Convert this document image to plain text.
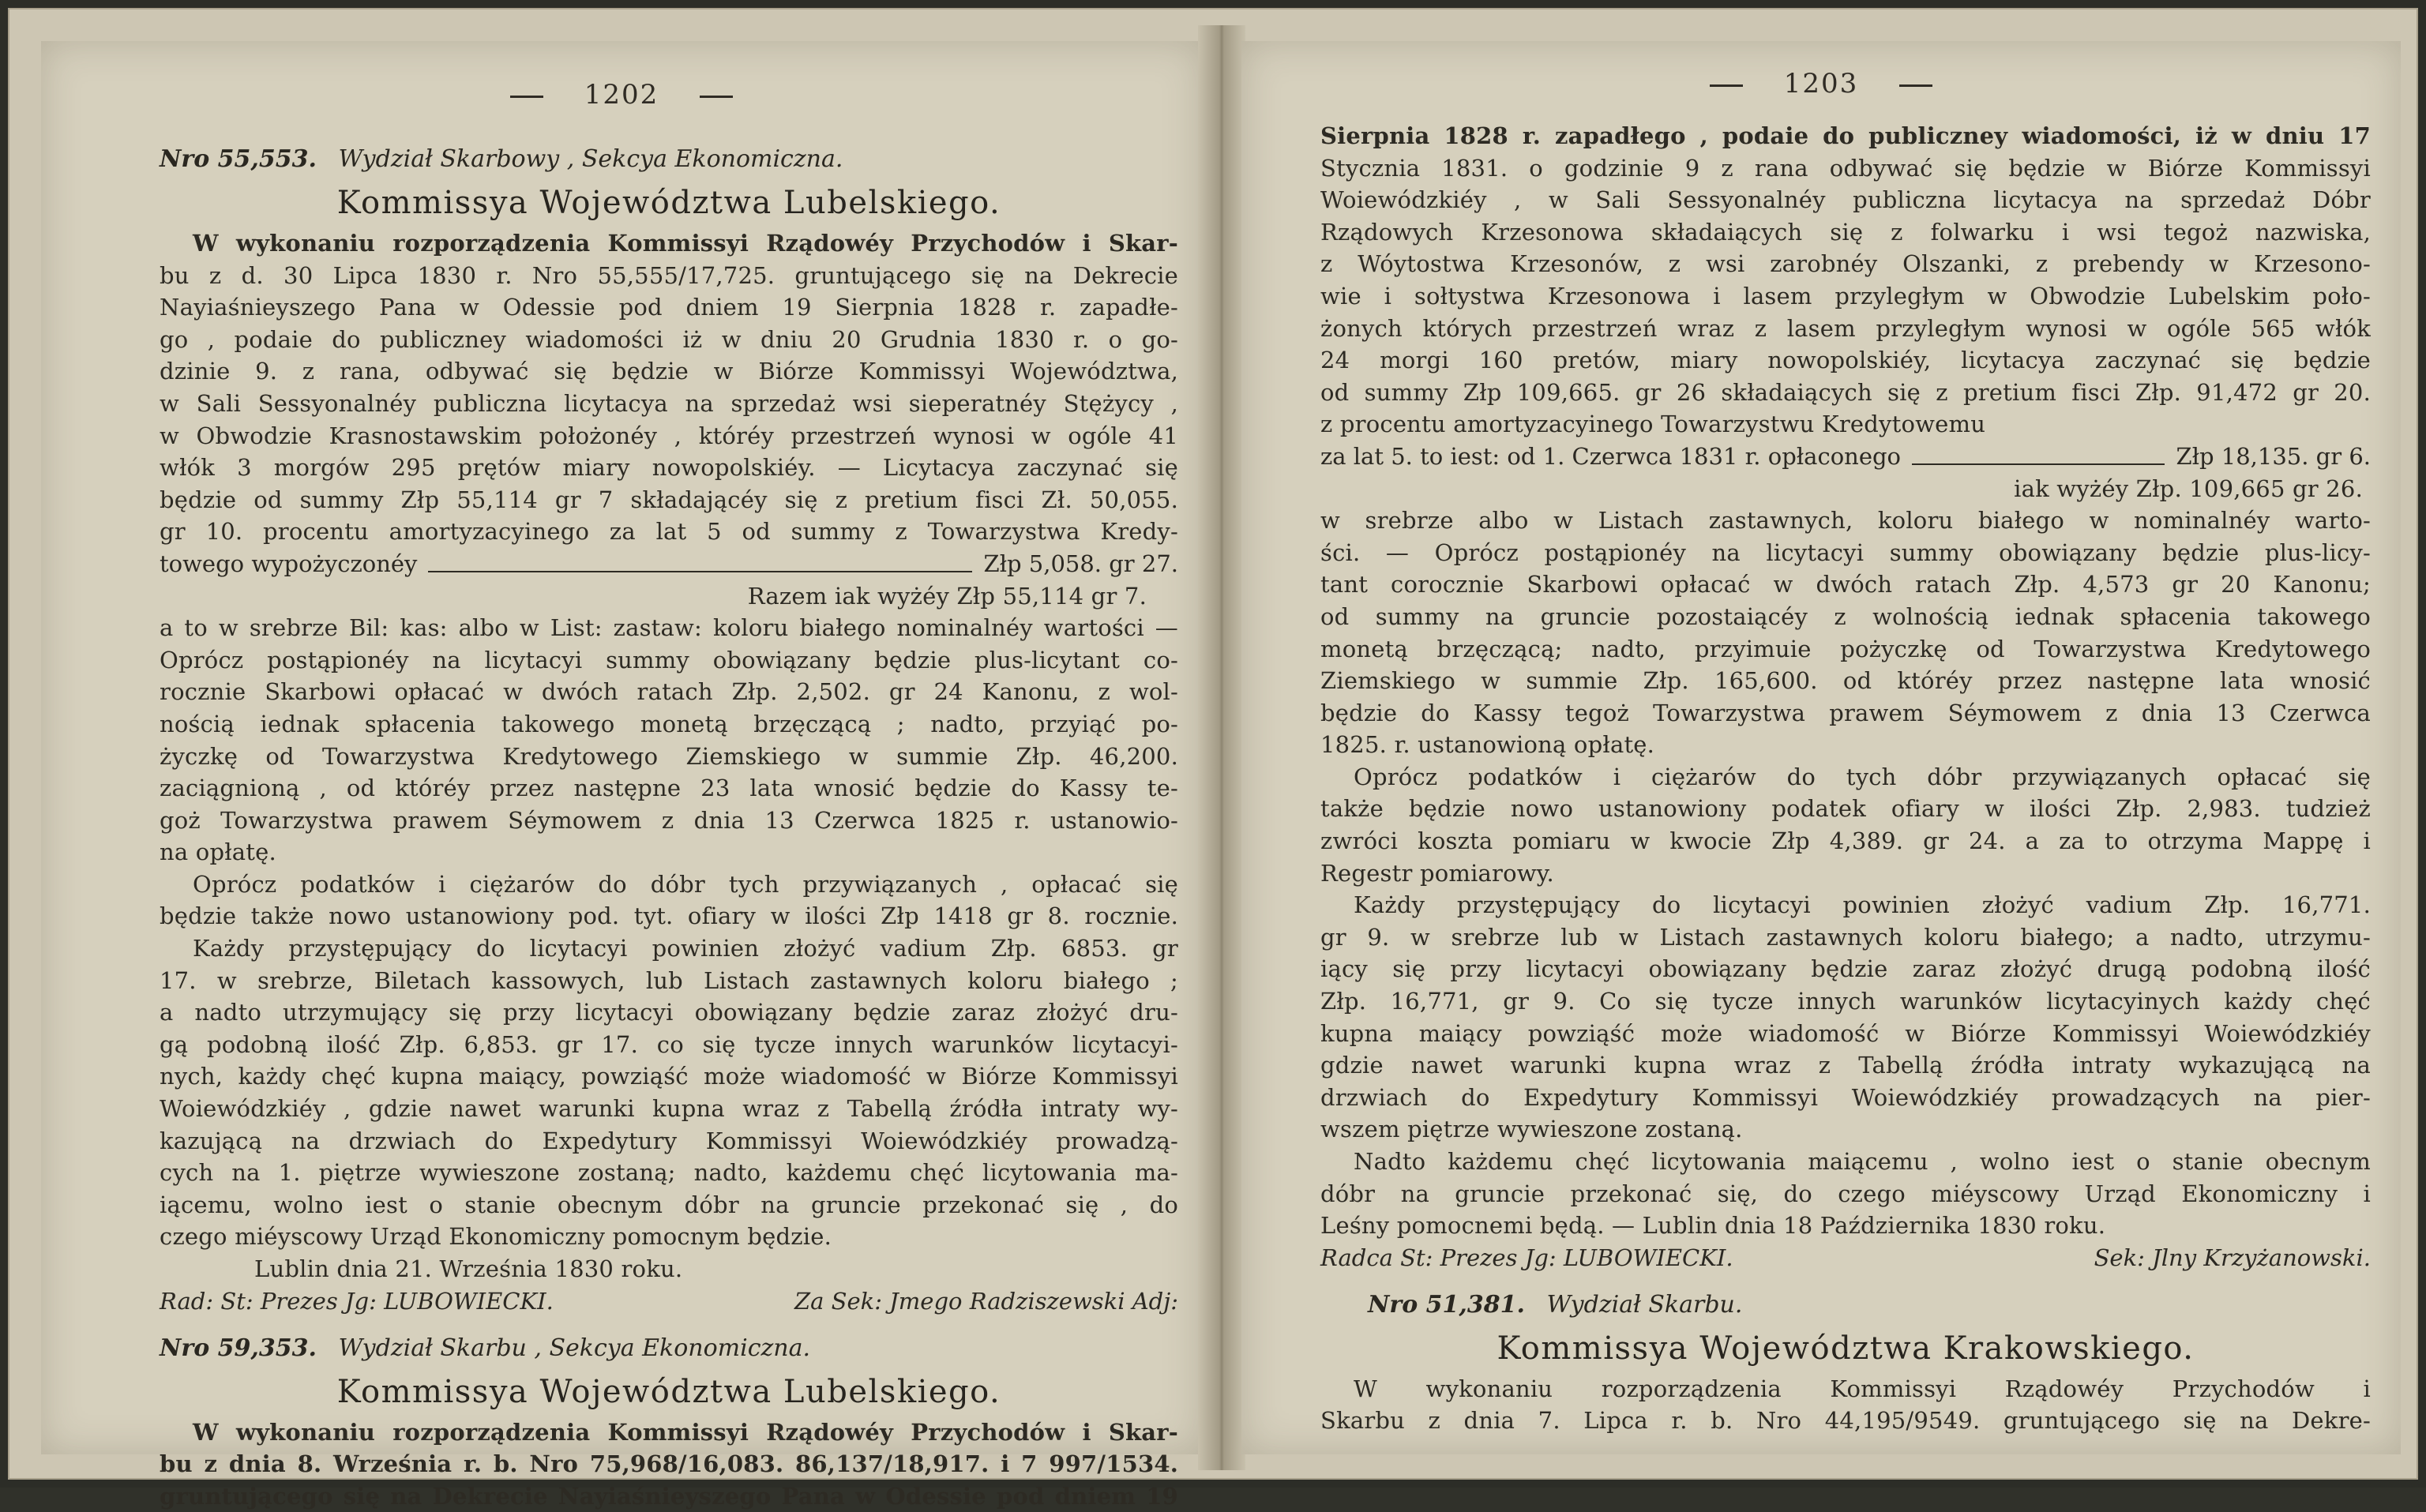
1202
Nro 55,553. Wydział Skarbowy , Sekcya Ekonomiczna.
Kommissya Województwa Lubelskiego.
W wykonaniu rozporządzenia Kommissyi Rządowéy Przychodów i Skar-
bu z d. 30 Lipca 1830 r. Nro 55,555/17,725. gruntującego się na Dekrecie
Nayiaśnieyszego Pana w Odessie pod dniem 19 Sierpnia 1828 r. zapadłe-
go , podaie do publiczney wiadomości iż w dniu 20 Grudnia 1830 r. o go-
dzinie 9. z rana, odbywać się będzie w Biórze Kommissyi Województwa,
w Sali Sessyonalnéy publiczna licytacya na sprzedaż wsi sieperatnéy Stężycy ,
w Obwodzie Krasnostawskim położonéy , któréy przestrzeń wynosi w ogóle 41
włók 3 morgów 295 prętów miary nowopolskiéy. — Licytacya zaczynać się
będzie od summy Złp 55,114 gr 7 składającéy się z pretium fisci Zł. 50,055.
gr 10. procentu amortyzacyinego za lat 5 od summy z Towarzystwa Kredy-
towego wypożyczonéy	Złp 5,058. gr 27.
Razem iak wyżéy Złp 55,114 gr 7.
a to w srebrze Bil: kas: albo w List: zastaw: koloru białego nominalnéy wartości —
Oprócz postąpionéy na licytacyi summy obowiązany będzie plus-licytant co-
rocznie Skarbowi opłacać w dwóch ratach Złp. 2,502. gr 24 Kanonu, z wol-
nością iednak spłacenia takowego monetą brzęczącą ; nadto, przyiąć po-
życzkę od Towarzystwa Kredytowego Ziemskiego w summie Złp. 46,200.
zaciągnioną , od któréy przez następne 23 lata wnosić będzie do Kassy te-
goż Towarzystwa prawem Séymowem z dnia 13 Czerwca 1825 r. ustanowio-
na opłatę.
Oprócz podatków i ciężarów do dóbr tych przywiązanych , opłacać się
będzie także nowo ustanowiony pod. tyt. ofiary w ilości Złp 1418 gr 8. rocznie.
Każdy przystępujący do licytacyi powinien złożyć vadium Złp. 6853. gr
17. w srebrze, Biletach kassowych, lub Listach zastawnych koloru białego ;
a nadto utrzymujący się przy licytacyi obowiązany będzie zaraz złożyć dru-
gą podobną ilość Złp. 6,853. gr 17. co się tycze innych warunków licytacyi-
nych, każdy chęć kupna maiący, powziąść może wiadomość w Biórze Kommissyi
Woiewódzkiéy , gdzie nawet warunki kupna wraz z Tabellą źródła intraty wy-
kazującą na drzwiach do Expedytury Kommissyi Woiewódzkiéy prowadzą-
cych na 1. piętrze wywieszone zostaną; nadto, każdemu chęć licytowania ma-
iącemu, wolno iest o stanie obecnym dóbr na gruncie przekonać się , do
czego miéyscowy Urząd Ekonomiczny pomocnym będzie.
Lublin dnia 21. Września 1830 roku.
Rad: St: Prezes Jg: LUBOWIECKI.	Za Sek: Jmego Radziszewski Adj:
Nro 59,353. Wydział Skarbu , Sekcya Ekonomiczna.
Kommissya Województwa Lubelskiego.
W wykonaniu rozporządzenia Kommissyi Rządowéy Przychodów i Skar-
bu z dnia 8. Września r. b. Nro 75,968/16,083. 86,137/18,917. i 7 997/1534.
gruntującego się na Dekrecie Nayiaśnieyszego Pana w Odessie pod dniem 19
1203
Sierpnia 1828 r. zapadłego , podaie do publiczney wiadomości, iż w dniu 17
Stycznia 1831. o godzinie 9 z rana odbywać się będzie w Biórze Kommissyi
Woiewódzkiéy , w Sali Sessyonalnéy publiczna licytacya na sprzedaż Dóbr
Rządowych Krzesonowa składaiących się z folwarku i wsi tegoż nazwiska,
z Wóytostwa Krzesonów, z wsi zarobnéy Olszanki, z prebendy w Krzesono-
wie i sołtystwa Krzesonowa i lasem przyległym w Obwodzie Lubelskim poło-
żonych których przestrzeń wraz z lasem przyległym wynosi w ogóle 565 włók
24 morgi 160 pretów, miary nowopolskiéy, licytacya zaczynać się będzie
od summy Złp 109,665. gr 26 składaiących się z pretium fisci Złp. 91,472 gr 20.
z procentu amortyzacyinego Towarzystwu Kredytowemu
za lat 5. to iest: od 1. Czerwca 1831 r. opłaconego	Złp 18,135. gr 6.
iak wyżéy Złp. 109,665 gr 26.
w srebrze albo w Listach zastawnych, koloru białego w nominalnéy warto-
ści. — Oprócz postąpionéy na licytacyi summy obowiązany będzie plus-licy-
tant corocznie Skarbowi opłacać w dwóch ratach Złp. 4,573 gr 20 Kanonu;
od summy na gruncie pozostaiącéy z wolnością iednak spłacenia takowego
monetą brzęczącą; nadto, przyimuie pożyczkę od Towarzystwa Kredytowego
Ziemskiego w summie Złp. 165,600. od któréy przez następne lata wnosić
będzie do Kassy tegoż Towarzystwa prawem Séymowem z dnia 13 Czerwca
1825. r. ustanowioną opłatę.
Oprócz podatków i ciężarów do tych dóbr przywiązanych opłacać się
także będzie nowo ustanowiony podatek ofiary w ilości Złp. 2,983. tudzież
zwróci koszta pomiaru w kwocie Złp 4,389. gr 24. a za to otrzyma Mappę i
Regestr pomiarowy.
Każdy przystępujący do licytacyi powinien złożyć vadium Złp. 16,771.
gr 9. w srebrze lub w Listach zastawnych koloru białego; a nadto, utrzymu-
iący się przy licytacyi obowiązany będzie zaraz złożyć drugą podobną ilość
Złp. 16,771, gr 9. Co się tycze innych warunków licytacyinych każdy chęć
kupna maiący powziąść może wiadomość w Biórze Kommissyi Woiewódzkiéy
gdzie nawet warunki kupna wraz z Tabellą źródła intraty wykazującą na
drzwiach do Expedytury Kommissyi Woiewódzkiéy prowadzących na pier-
wszem piętrze wywieszone zostaną.
Nadto każdemu chęć licytowania maiącemu , wolno iest o stanie obecnym
dóbr na gruncie przekonać się, do czego miéyscowy Urząd Ekonomiczny i
Leśny pomocnemi będą. — Lublin dnia 18 Października 1830 roku.
Radca St: Prezes Jg: LUBOWIECKI.	Sek: Jlny Krzyżanowski.
Nro 51,381. Wydział Skarbu.
Kommissya Województwa Krakowskiego.
W wykonaniu rozporządzenia Kommissyi Rządowéy Przychodów i
Skarbu z dnia 7. Lipca r. b. Nro 44,195/9549. gruntującego się na Dekre-
